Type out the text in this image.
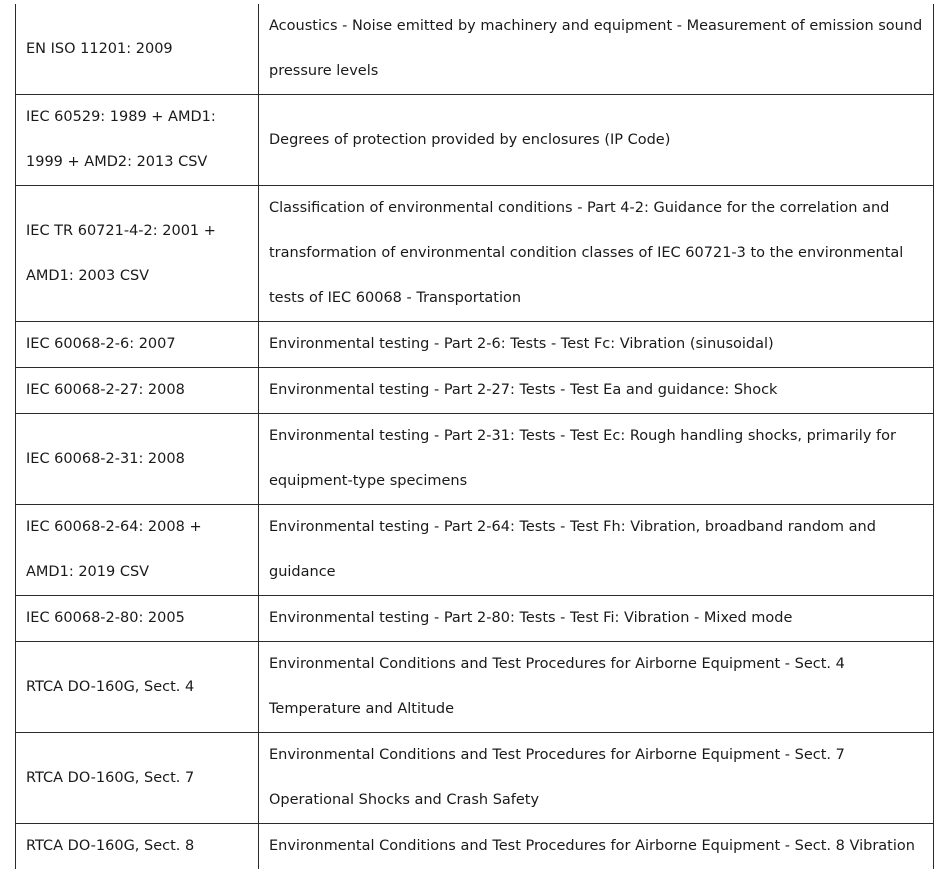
EN ISO 11201: 2009	Acoustics - Noise emitted by machinery and equipment - Measurement of emission sound pressure levels
IEC 60529: 1989 + AMD1: 1999 + AMD2: 2013 CSV	Degrees of protection provided by enclosures (IP Code)
IEC TR 60721-4-2: 2001 + AMD1: 2003 CSV	Classification of environmental conditions - Part 4-2: Guidance for the correlation and transformation of environmental condition classes of IEC 60721-3 to the environmental tests of IEC 60068 - Transportation
IEC 60068-2-6: 2007	Environmental testing - Part 2-6: Tests - Test Fc: Vibration (sinusoidal)
IEC 60068-2-27: 2008	Environmental testing - Part 2-27: Tests - Test Ea and guidance: Shock
IEC 60068-2-31: 2008	Environmental testing - Part 2-31: Tests - Test Ec: Rough handling shocks, primarily for equipment-type specimens
IEC 60068-2-64: 2008 + AMD1: 2019 CSV	Environmental testing - Part 2-64: Tests - Test Fh: Vibration, broadband random and guidance
IEC 60068-2-80: 2005	Environmental testing - Part 2-80: Tests - Test Fi: Vibration - Mixed mode
RTCA DO-160G, Sect. 4	Environmental Conditions and Test Procedures for Airborne Equipment - Sect. 4 Temperature and Altitude
RTCA DO-160G, Sect. 7	Environmental Conditions and Test Procedures for Airborne Equipment - Sect. 7 Operational Shocks and Crash Safety
RTCA DO-160G, Sect. 8	Environmental Conditions and Test Procedures for Airborne Equipment - Sect. 8 Vibration
